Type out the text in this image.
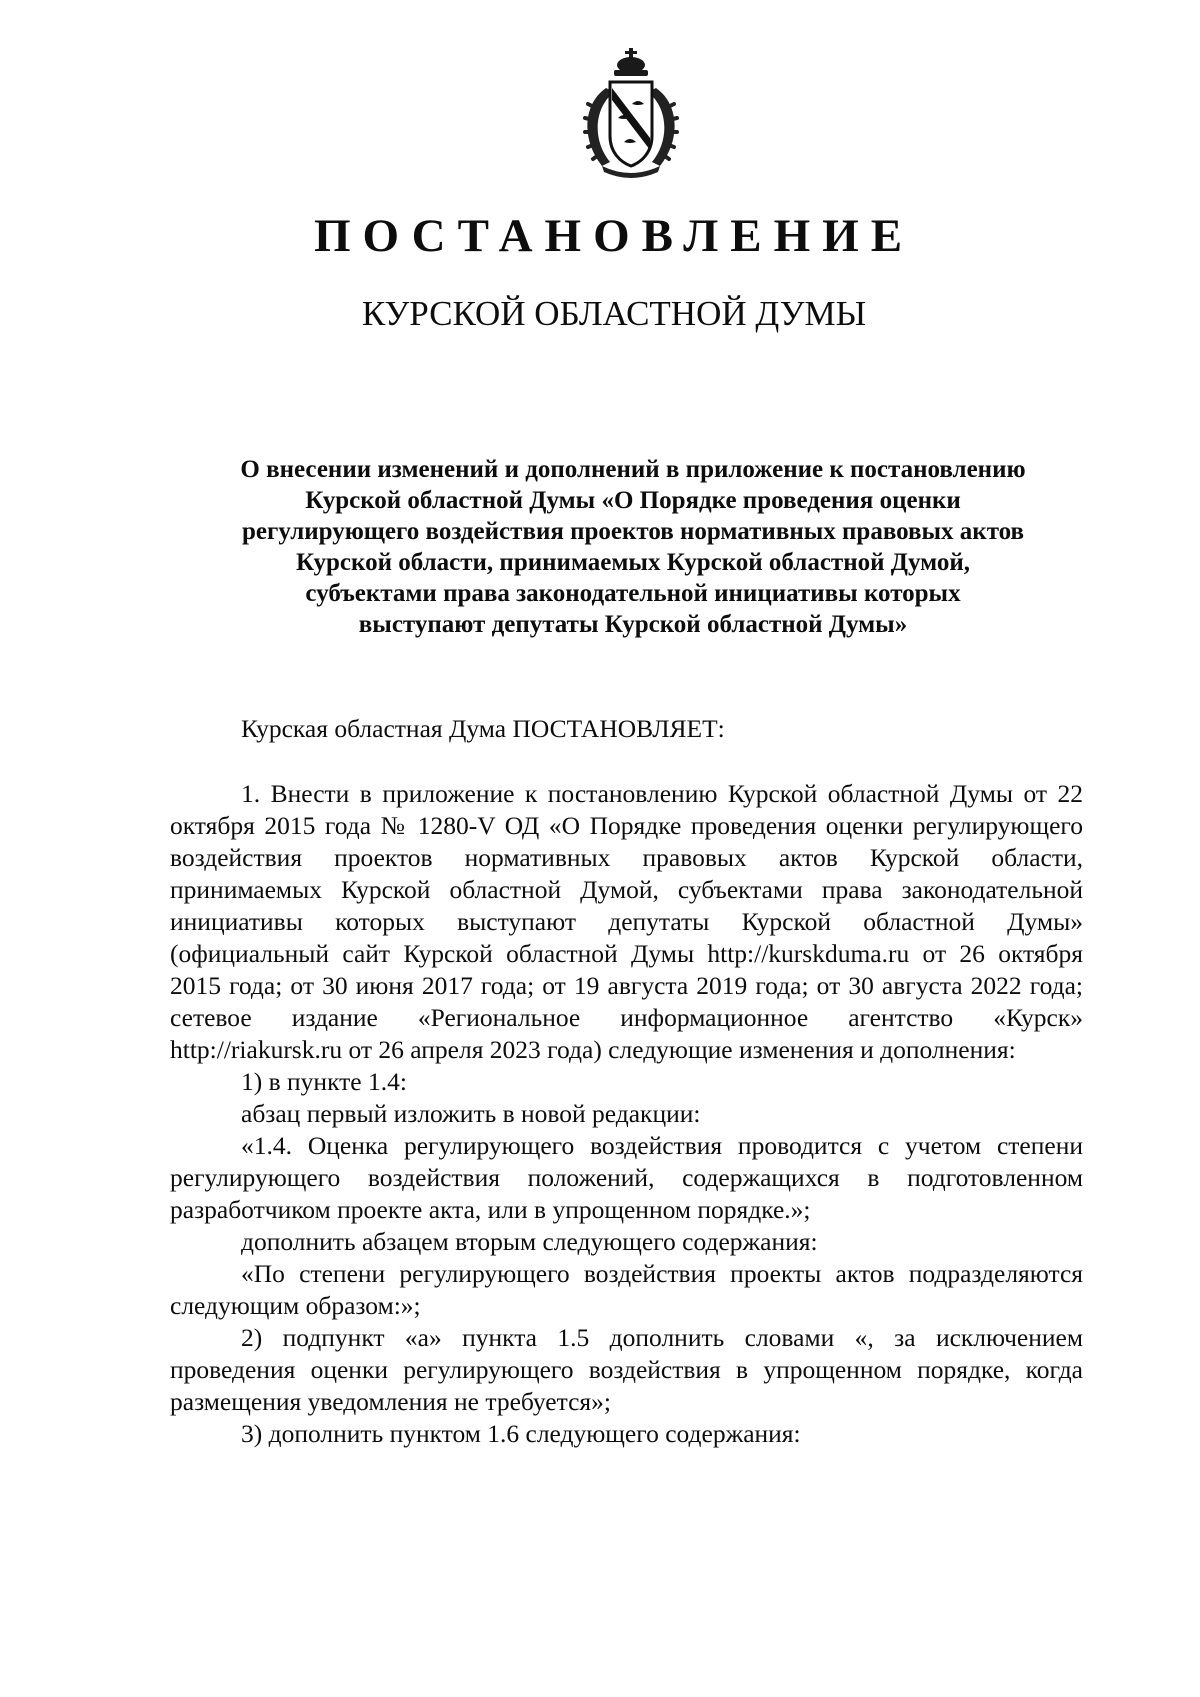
ПОСТАНОВЛЕНИЕ
КУРСКОЙ ОБЛАСТНОЙ ДУМЫ
О внесении изменений и дополнений в приложение к постановлению
Курской областной Думы «О Порядке проведения оценки
регулирующего воздействия проектов нормативных правовых актов
Курской области, принимаемых Курской областной Думой,
субъектами права законодательной инициативы которых
выступают депутаты Курской областной Думы»

Курская областная Дума ПОСТАНОВЛЯЕТ:

1. Внести в приложение к постановлению Курской областной Думы от 22 октября 2015 года № 1280-V ОД «О Порядке проведения оценки регулирующего воздействия проектов нормативных правовых актов Курской области, принимаемых Курской областной Думой, субъектами права законодательной инициативы которых выступают депутаты Курской областной Думы» (официальный сайт Курской областной Думы http://kurskduma.ru от 26 октября 2015 года; от 30 июня 2017 года; от 19 августа 2019 года; от 30 августа 2022 года; сетевое издание «Региональное информационное агентство «Курск» http://riakursk.ru от 26 апреля 2023 года) следующие изменения и дополнения:

1) в пункте 1.4:

абзац первый изложить в новой редакции:

«1.4. Оценка регулирующего воздействия проводится с учетом степени регулирующего воздействия положений, содержащихся в подготовленном разработчиком проекте акта, или в упрощенном порядке.»;

дополнить абзацем вторым следующего содержания:

«По степени регулирующего воздействия проекты актов подразделяются следующим образом:»;

2) подпункт «а» пункта 1.5 дополнить словами «, за исключением проведения оценки регулирующего воздействия в упрощенном порядке, когда размещения уведомления не требуется»;

3) дополнить пунктом 1.6 следующего содержания:
